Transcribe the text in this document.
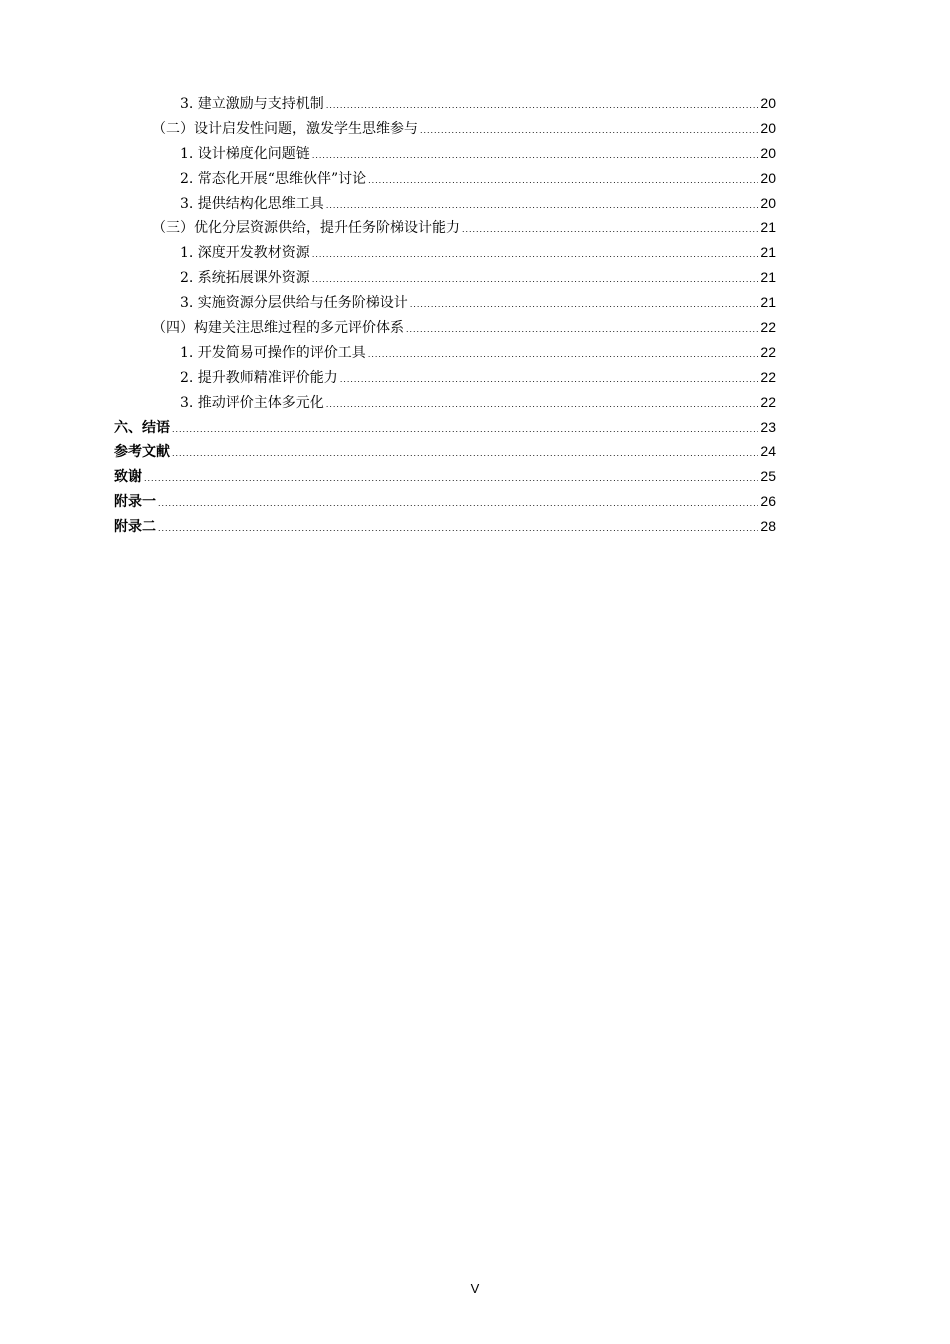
3. 建立激励与支持机制 .....	20
（二）设计启发性问题，激发学生思维参与 .....	20
1. 设计梯度化问题链 .....	20
2. 常态化开展“思维伙伴”讨论 .....	20
3. 提供结构化思维工具 .....	20
（三）优化分层资源供给，提升任务阶梯设计能力 .....	21
1. 深度开发教材资源 .....	21
2. 系统拓展课外资源 .....	21
3. 实施资源分层供给与任务阶梯设计 .....	21
（四）构建关注思维过程的多元评价体系 .....	22
1. 开发简易可操作的评价工具 .....	22
2. 提升教师精准评价能力 .....	22
3. 推动评价主体多元化 .....	22
六、结语 .....	23
参考文献 .....	24
致谢 .....	25
附录一 .....	26
附录二 .....	28
V
